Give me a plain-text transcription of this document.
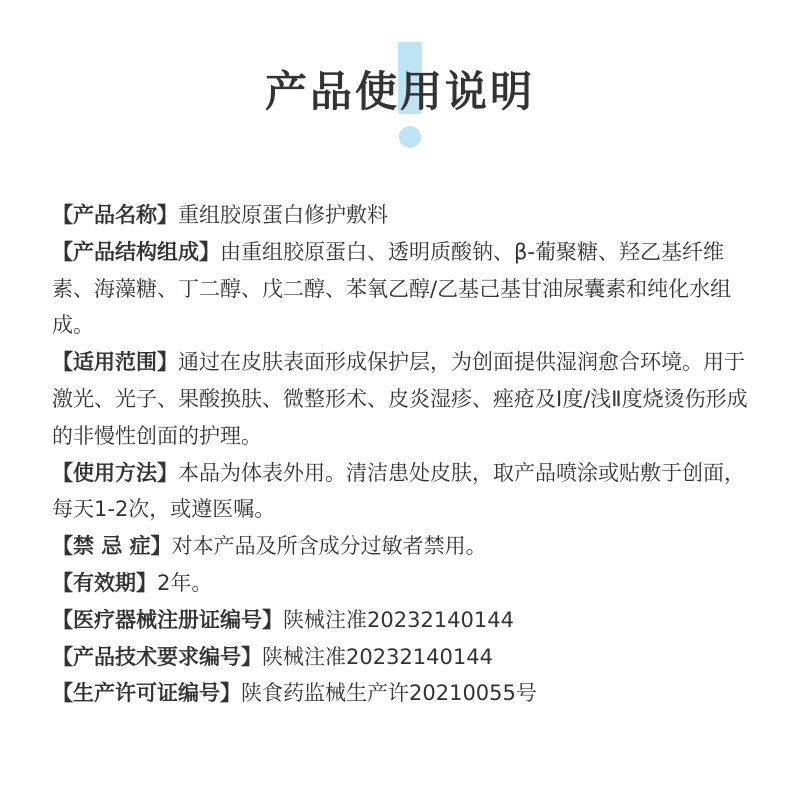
产品使用说明

【产品名称】重组胶原蛋白修护敷料

【产品结构组成】由重组胶原蛋白、透明质酸钠、β-葡聚糖、羟乙基纤维素、海藻糖、丁二醇、戊二醇、苯氧乙醇/乙基己基甘油尿囊素和纯化水组成。

【适用范围】通过在皮肤表面形成保护层，为创面提供湿润愈合环境。用于激光、光子、果酸换肤、微整形术、皮炎湿疹、痤疮及Ⅰ度/浅Ⅱ度烧烫伤形成的非慢性创面的护理。

【使用方法】本品为体表外用。清洁患处皮肤，取产品喷涂或贴敷于创面，每天1-2次，或遵医嘱。

【禁 忌 症】对本产品及所含成分过敏者禁用。

【有效期】2年。

【医疗器械注册证编号】陕械注准20232140144

【产品技术要求编号】陕械注准20232140144

【生产许可证编号】陕食药监械生产许20210055号
